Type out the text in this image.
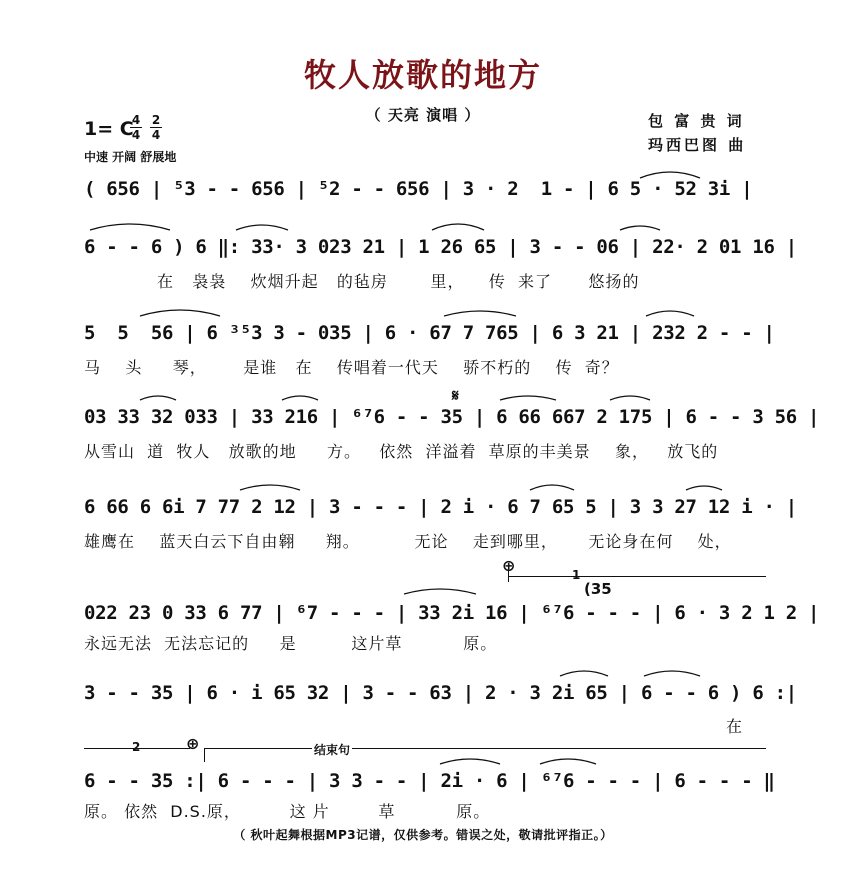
牧人放歌的地方
（ 天亮 演唱 ）
1= C
4
4
2
4
中速 开阔 舒展地
包 富 贵 词
玛西巴图 曲
( 656 | ⁵3 - - 656 | ⁵2 - - 656 | 3 · 2  1 - | 6 5 · 52 3i |
6 - - 6 ) 6 ‖: 33· 3 023 21 | 1 26 65 | 3 - - 06 | 22· 2 01 16 |
在   袅袅    炊烟升起   的毡房       里，    传  来了      悠扬的
5  5  56 | 6 ³⁵3 3 - 035 | 6 · 67 7 765 | 6 3 21 | 232 2 - - |
马    头     琴，      是谁   在    传唱着一代天    骄不朽的    传  奇？
𝄋
03 33 32 033 | 33 216 | ⁶⁷6 - - 35 | 6 66 667 2 175 | 6 - - 3 56 |
从雪山  道  牧人   放歌的地     方。   依然  洋溢着  草原的丰美景    象，   放飞的
6 66 6 6i 7 77 2 12 | 3 - - - | 2 i · 6 7 65 5 | 3 3 27 12 i · |
雄鹰在    蓝天白云下自由翱     翔。         无论    走到哪里，     无论身在何    处，
⊕	1
(35
022 23 0 33 6 77 | ⁶7 - - - | 33 2i 16 | ⁶⁷6 - - - | 6 · 3 2 1 2 |
永远无法  无法忘记的     是         这片草          原。
3 - - 35 | 6 · i 65 32 | 3 - - 63 | 2 · 3 2i 65 | 6 - - 6 ) 6 :|
在
2	⊕	结束句
6 - - 35 :| 6 - - - | 3 3 - - | 2i · 6 | ⁶⁷6 - - - | 6 - - - ‖
原。 依然  D.S.原，        这 片        草          原。
（ 秋叶起舞根据MP3记谱，仅供参考。错误之处，敬请批评指正。）
